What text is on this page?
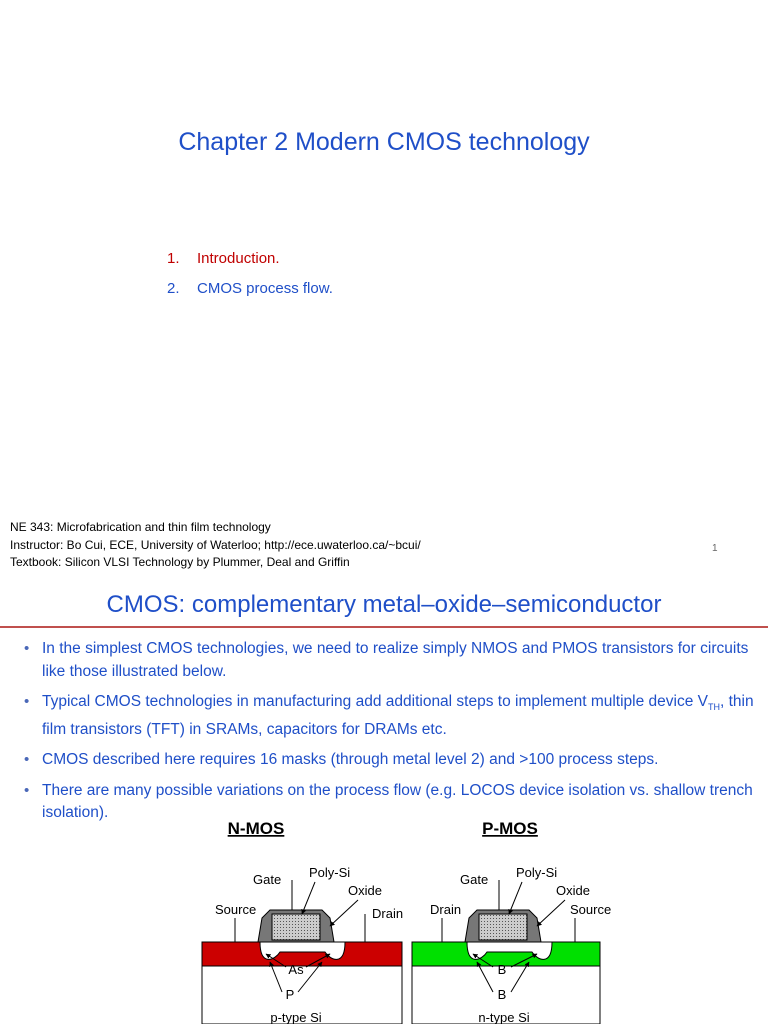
Chapter 2 Modern CMOS technology
1.	Introduction.
2.	CMOS process flow.
NE 343: Microfabrication and thin film technology
Instructor: Bo Cui, ECE, University of Waterloo; http://ece.uwaterloo.ca/~bcui/
Textbook: Silicon VLSI Technology by Plummer, Deal and Griffin
1
CMOS: complementary metal–oxide–semiconductor
• In the simplest CMOS technologies, we need to realize simply NMOS and PMOS transistors for circuits like those illustrated below.
• Typical CMOS technologies in manufacturing add additional steps to implement multiple device $V_{TH}$, thin film transistors (TFT) in SRAMs, capacitors for DRAMs etc.
• CMOS described here requires 16 masks (through metal level 2) and >100 process steps.
• There are many possible variations on the process flow (e.g. LOCOS device isolation vs. shallow trench isolation).
N-MOS
Source
Gate Poly-Si
Oxide
Drain
As
P
p-type Si
P-MOS
Drain
Gate Poly-Si
Oxide
Source
B
B
n-type Si
